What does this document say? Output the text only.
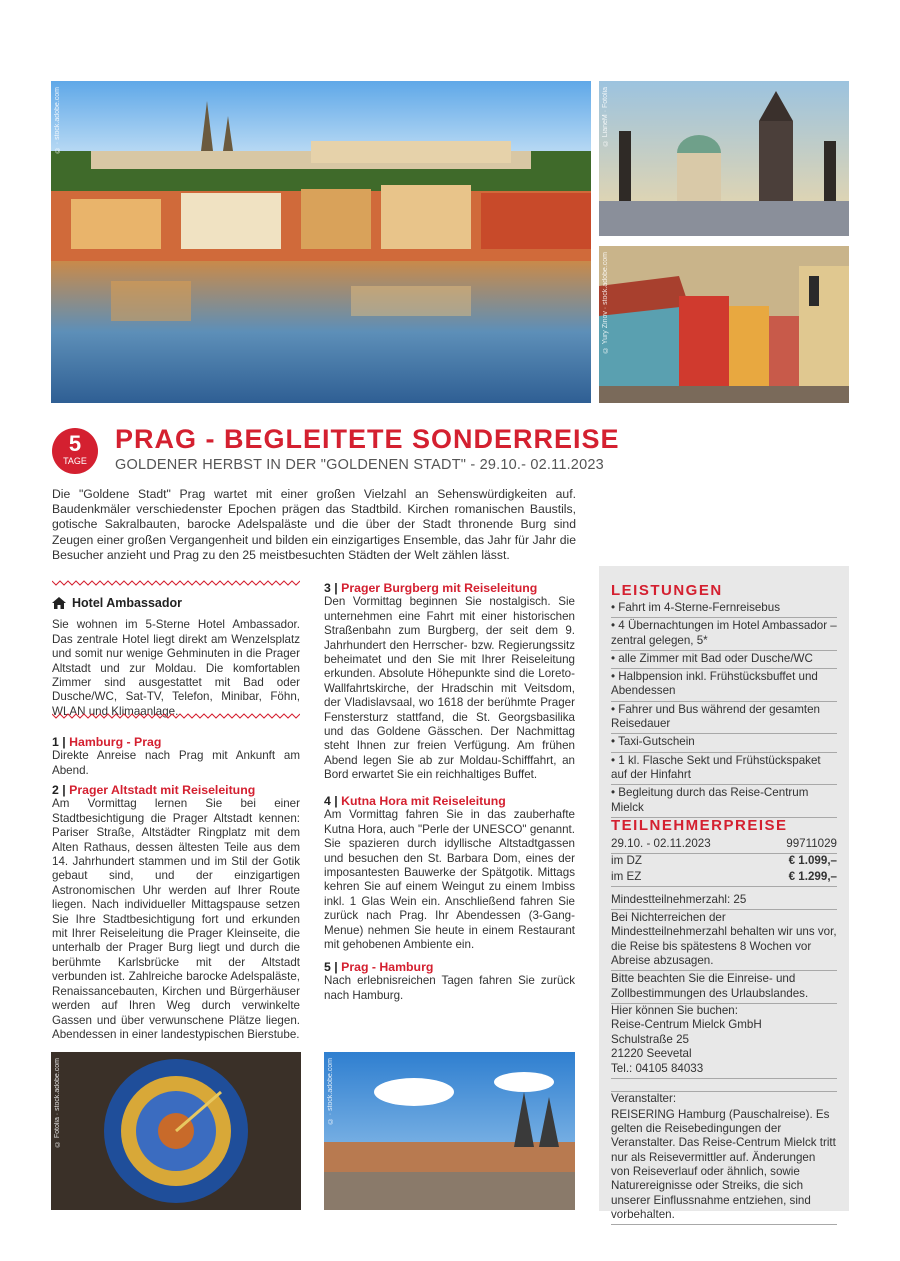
© · stock.adobe.com	© LianeM · Fotolia
© Yury Zinov · stock.adobe.com
© Fotolia · stock.adobe.com	© · stock.adobe.com
5
TAGE
PRAG - BEGLEITETE SONDERREISE
GOLDENER HERBST IN DER "GOLDENEN STADT" - 29.10.- 02.11.2023
Die "Goldene Stadt" Prag wartet mit einer großen Vielzahl an Sehenswürdigkeiten auf. Baudenkmäler verschiedenster Epochen prägen das Stadtbild. Kirchen romanischen Baustils, gotische Sakralbauten, barocke Adelspaläste und die über der Stadt thronende Burg sind Zeugen einer großen Vergangenheit und bilden ein einzigartiges Ensemble, das Jahr für Jahr die Besucher anzieht und Prag zu den 25 meistbesuchten Städten der Welt zählen lässt.
Hotel Ambassador

Sie wohnen im 5-Sterne Hotel Ambassador. Das zentrale Hotel liegt direkt am Wenzelsplatz und somit nur wenige Gehminuten in die Prager Altstadt und zur Moldau. Die komfortablen Zimmer sind ausgestattet mit Bad oder Dusche/WC, Sat-TV, Telefon, Minibar, Föhn, WLAN und Klimaanlage.

1 | Hamburg - Prag

Direkte Anreise nach Prag mit Ankunft am Abend.

2 | Prager Altstadt mit Reiseleitung

Am Vormittag lernen Sie bei einer Stadtbesichtigung die Prager Altstadt kennen: Pariser Straße, Altstädter Ringplatz mit dem Alten Rathaus, dessen ältesten Teile aus dem 14. Jahrhundert stammen und im Stil der Gotik gebaut sind, und der einzigartigen Astronomischen Uhr werden auf Ihrer Route liegen. Nach individueller Mittagspause setzen Sie Ihre Stadtbesichtigung fort und erkunden mit Ihrer Reiseleitung die Prager Kleinseite, die unterhalb der Prager Burg liegt und durch die berühmte Karlsbrücke mit der Altstadt verbunden ist. Zahlreiche barocke Adelspaläste, Renaissancebauten, Kirchen und Bürgerhäuser werden auf Ihren Weg durch verwinkelte Gassen und über verwunschene Plätze liegen. Abendessen in einer landestypischen Bierstube.

3 | Prager Burgberg mit Reiseleitung

Den Vormittag beginnen Sie nostalgisch. Sie unternehmen eine Fahrt mit einer historischen Straßenbahn zum Burgberg, der seit dem 9. Jahrhundert den Herrscher- bzw. Regierungssitz beheimatet und den Sie mit Ihrer Reiseleitung erkunden. Absolute Höhepunkte sind die Loreto-Wallfahrtskirche, der Hradschin mit Veitsdom, der Vladislavsaal, wo 1618 der berühmte Prager Fenstersturz stattfand, die St. Georgsbasilika und das Goldene Gässchen. Der Nachmittag steht Ihnen zur freien Verfügung. Am frühen Abend legen Sie ab zur Moldau-Schifffahrt, an Bord erwartet Sie ein reichhaltiges Buffet.

4 | Kutna Hora mit Reiseleitung

Am Vormittag fahren Sie in das zauberhafte Kutna Hora, auch "Perle der UNESCO" genannt. Sie spazieren durch idyllische Altstadtgassen und besuchen den St. Barbara Dom, eines der imposantesten Bauwerke der Spätgotik. Mittags kehren Sie auf einem Weingut zu einem Imbiss inkl. 1 Glas Wein ein. Anschließend fahren Sie zurück nach Prag. Ihr Abendessen (3-Gang-Menue) nehmen Sie heute in einem Restaurant mit gehobenen Ambiente ein.

5 | Prag - Hamburg

Nach erlebnisreichen Tagen fahren Sie zurück nach Hamburg.

LEISTUNGEN
• Fahrt im 4-Sterne-Fernreisebus
• 4 Übernachtungen im Hotel Ambassador – zentral gelegen, 5*
• alle Zimmer mit Bad oder Dusche/WC
• Halbpension inkl. Frühstücksbuffet und Abendessen
• Fahrer und Bus während der gesamten Reisedauer
• Taxi-Gutschein
• 1 kl. Flasche Sekt und Frühstückspaket auf der Hinfahrt
• Begleitung durch das Reise-Centrum Mielck
TEILNEHMERPREISE
29.10. - 02.11.2023	99711029
im DZ	€ 1.099,–
im EZ	€ 1.299,–
Mindestteilnehmerzahl: 25
Bei Nichterreichen der Mindestteilnehmerzahl behalten wir uns vor, die Reise bis spätestens 8 Wochen vor Abreise abzusagen.
Bitte beachten Sie die Einreise- und Zollbestimmungen des Urlaubslandes.
Hier können Sie buchen:
Reise-Centrum Mielck GmbH
Schulstraße 25
21220 Seevetal
Tel.: 04105 84033
Veranstalter:
REISERING Hamburg (Pauschalreise). Es gelten die Reisebedingungen der Veranstalter. Das Reise-Centrum Mielck tritt nur als Reisevermittler auf. Änderungen von Reiseverlauf oder ähnlich, sowie Naturereignisse oder Streiks, die sich unserer Einflussnahme entziehen, sind vorbehalten.
